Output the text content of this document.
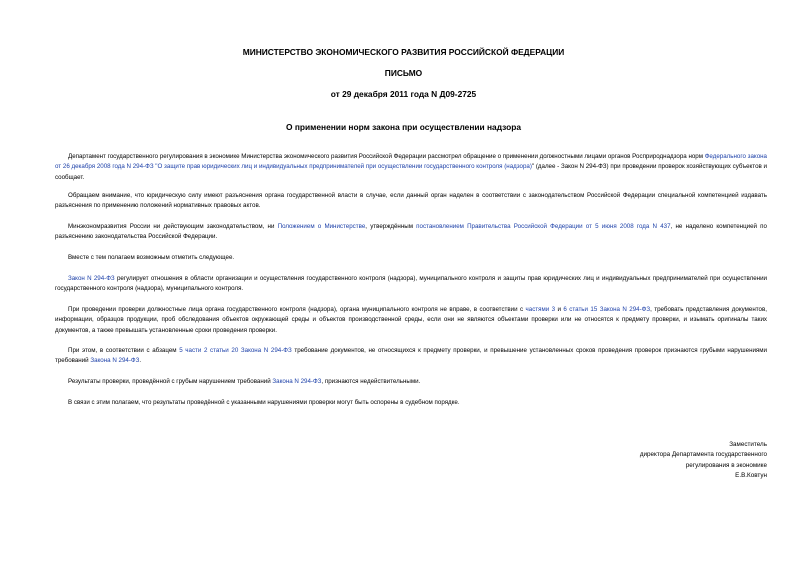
МИНИСТЕРСТВО ЭКОНОМИЧЕСКОГО РАЗВИТИЯ РОССИЙСКОЙ ФЕДЕРАЦИИ
ПИСЬМО
от 29 декабря 2011 года N Д09-2725
О применении норм закона при осуществлении надзора
Департамент государственного регулирования в экономике Министерства экономического развития Российской Федерации рассмотрел обращение о применении должностными лицами органов Росприроднадзора норм Федерального закона от 26 декабря 2008 года N 294-ФЗ "О защите прав юридических лиц и индивидуальных предпринимателей при осуществлении государственного контроля (надзора)" (далее - Закон N 294-ФЗ) при проведении проверок хозяйствующих субъектов и сообщает.
Обращаем внимание, что юридическую силу имеют разъяснения органа государственной власти в случае, если данный орган наделен в соответствии с законодательством Российской Федерации специальной компетенцией издавать разъяснения по применению положений нормативных правовых актов.
Минэкономразвития России ни действующим законодательством, ни Положением о Министерстве, утверждённым постановлением Правительства Российской Федерации от 5 июня 2008 года N 437, не наделено компетенцией по разъяснению законодательства Российской Федерации.
Вместе с тем полагаем возможным отметить следующее.
Закон N 294-ФЗ регулирует отношения в области организации и осуществления государственного контроля (надзора), муниципального контроля и защиты прав юридических лиц и индивидуальных предпринимателей при осуществлении государственного контроля (надзора), муниципального контроля.
При проведении проверки должностные лица органа государственного контроля (надзора), органа муниципального контроля не вправе, в соответствии с частями 3 и 6 статьи 15 Закона N 294-ФЗ, требовать представления документов, информации, образцов продукции, проб обследования объектов окружающей среды и объектов производственной среды, если они не являются объектами проверки или не относятся к предмету проверки, и изымать оригиналы таких документов, а также превышать установленные сроки проведения проверки.
При этом, в соответствии с абзацем 5 части 2 статьи 20 Закона N 294-ФЗ требование документов, не относящихся к предмету проверки, и превышение установленных сроков проведения проверок признаются грубыми нарушениями требований Закона N 294-ФЗ.
Результаты проверки, проведённой с грубым нарушением требований Закона N 294-ФЗ, признаются недействительными.
В связи с этим полагаем, что результаты проведённой с указанными нарушениями проверки могут быть оспорены в судебном порядке.
Заместитель
директора Департамента государственного
регулирования в экономике
Е.В.Ковтун
